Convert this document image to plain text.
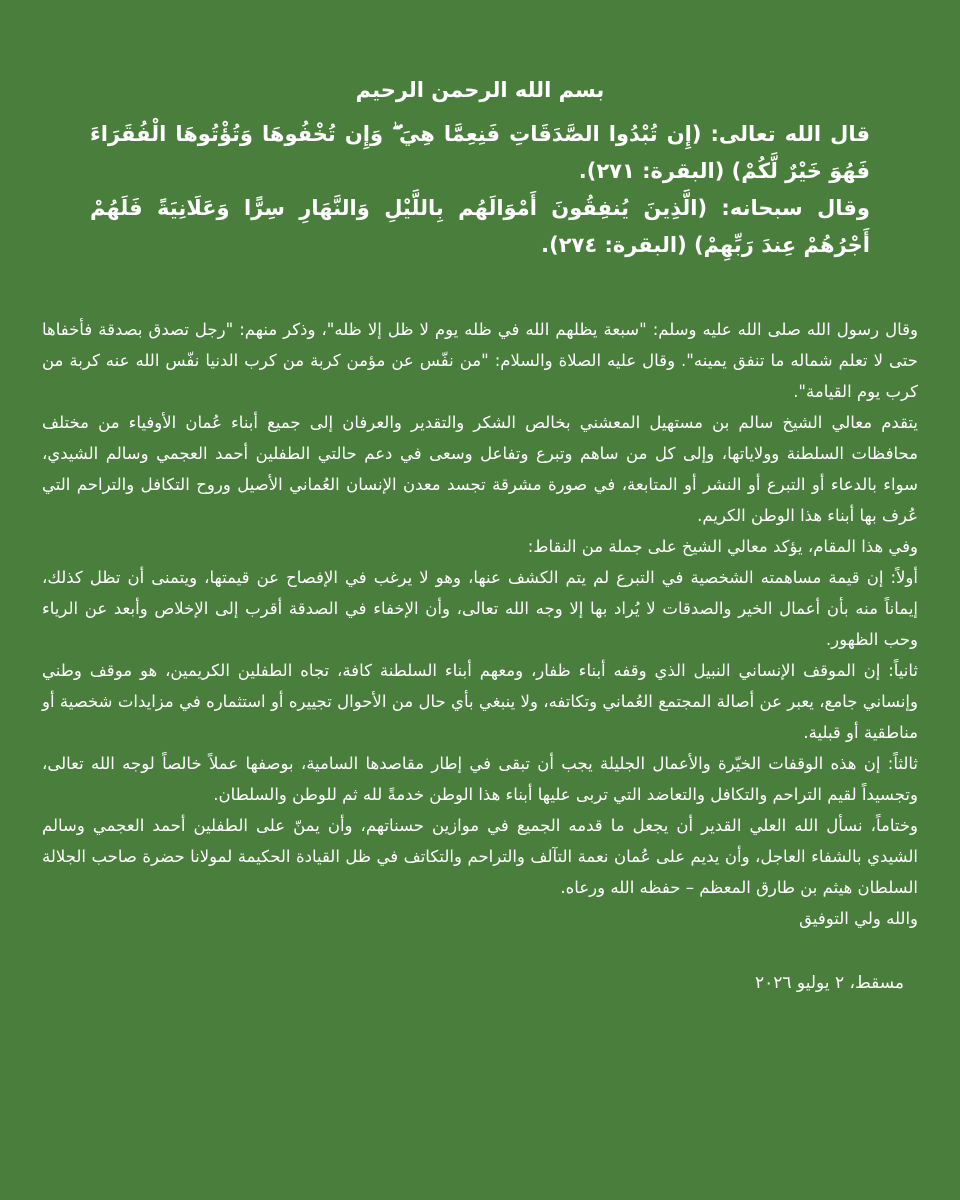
بسم الله الرحمن الرحيم

قال الله تعالى: (إِن تُبْدُوا الصَّدَقَاتِ فَنِعِمَّا هِيَ ۖ وَإِن تُخْفُوهَا وَتُؤْتُوهَا الْفُقَرَاءَ فَهُوَ خَيْرٌ لَّكُمْ) (البقرة: ٢٧١).

وقال سبحانه: (الَّذِينَ يُنفِقُونَ أَمْوَالَهُم بِاللَّيْلِ وَالنَّهَارِ سِرًّا وَعَلَانِيَةً فَلَهُمْ أَجْرُهُمْ عِندَ رَبِّهِمْ) (البقرة: ٢٧٤).

وقال رسول الله صلى الله عليه وسلم: "سبعة يظلهم الله في ظله يوم لا ظل إلا ظله"، وذكر منهم: "رجل تصدق بصدقة فأخفاها حتى لا تعلم شماله ما تنفق يمينه". وقال عليه الصلاة والسلام: "من نفّس عن مؤمن كربة من كرب الدنيا نفّس الله عنه كربة من كرب يوم القيامة".

يتقدم معالي الشيخ سالم بن مستهيل المعشني بخالص الشكر والتقدير والعرفان إلى جميع أبناء عُمان الأوفياء من مختلف محافظات السلطنة وولاياتها، وإلى كل من ساهم وتبرع وتفاعل وسعى في دعم حالتي الطفلين أحمد العجمي وسالم الشيدي، سواء بالدعاء أو التبرع أو النشر أو المتابعة، في صورة مشرقة تجسد معدن الإنسان العُماني الأصيل وروح التكافل والتراحم التي عُرف بها أبناء هذا الوطن الكريم.

وفي هذا المقام، يؤكد معالي الشيخ على جملة من النقاط:

أولاً: إن قيمة مساهمته الشخصية في التبرع لم يتم الكشف عنها، وهو لا يرغب في الإفصاح عن قيمتها، ويتمنى أن تظل كذلك، إيماناً منه بأن أعمال الخير والصدقات لا يُراد بها إلا وجه الله تعالى، وأن الإخفاء في الصدقة أقرب إلى الإخلاص وأبعد عن الرياء وحب الظهور.

ثانياً: إن الموقف الإنساني النبيل الذي وقفه أبناء ظفار، ومعهم أبناء السلطنة كافة، تجاه الطفلين الكريمين، هو موقف وطني وإنساني جامع، يعبر عن أصالة المجتمع العُماني وتكاتفه، ولا ينبغي بأي حال من الأحوال تجييره أو استثماره في مزايدات شخصية أو مناطقية أو قبلية.

ثالثاً: إن هذه الوقفات الخيّرة والأعمال الجليلة يجب أن تبقى في إطار مقاصدها السامية، بوصفها عملاً خالصاً لوجه الله تعالى، وتجسيداً لقيم التراحم والتكافل والتعاضد التي تربى عليها أبناء هذا الوطن خدمةً لله ثم للوطن والسلطان.

وختاماً، نسأل الله العلي القدير أن يجعل ما قدمه الجميع في موازين حسناتهم، وأن يمنّ على الطفلين أحمد العجمي وسالم الشيدي بالشفاء العاجل، وأن يديم على عُمان نعمة التآلف والتراحم والتكاتف في ظل القيادة الحكيمة لمولانا حضرة صاحب الجلالة السلطان هيثم بن طارق المعظم – حفظه الله ورعاه.

والله ولي التوفيق

مسقط، ٢ يوليو ٢٠٢٦
